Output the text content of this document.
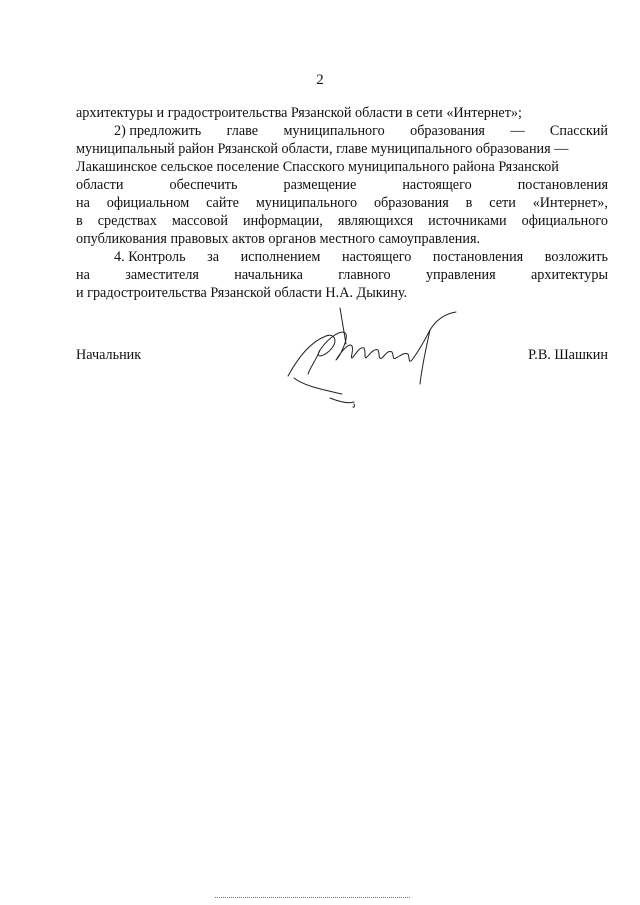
2
архитектуры и градостроительства Рязанской области в сети «Интернет»;
2) предложить главе муниципального образования — Спасский
муниципальный район Рязанской области, главе муниципального образования —
Лакашинское сельское поселение Спасского муниципального района Рязанской
области	обеспечить	размещение	настоящего	постановления
на официальном сайте муниципального образования в сети «Интернет»,
в средствах массовой информации, являющихся источниками официального
опубликования правовых актов органов местного самоуправления.
4. Контроль за исполнением настоящего постановления возложить
на заместителя начальника главного управления архитектуры
и градостроительства Рязанской области Н.А. Дыкину.
Начальник	Р.В. Шашкин
